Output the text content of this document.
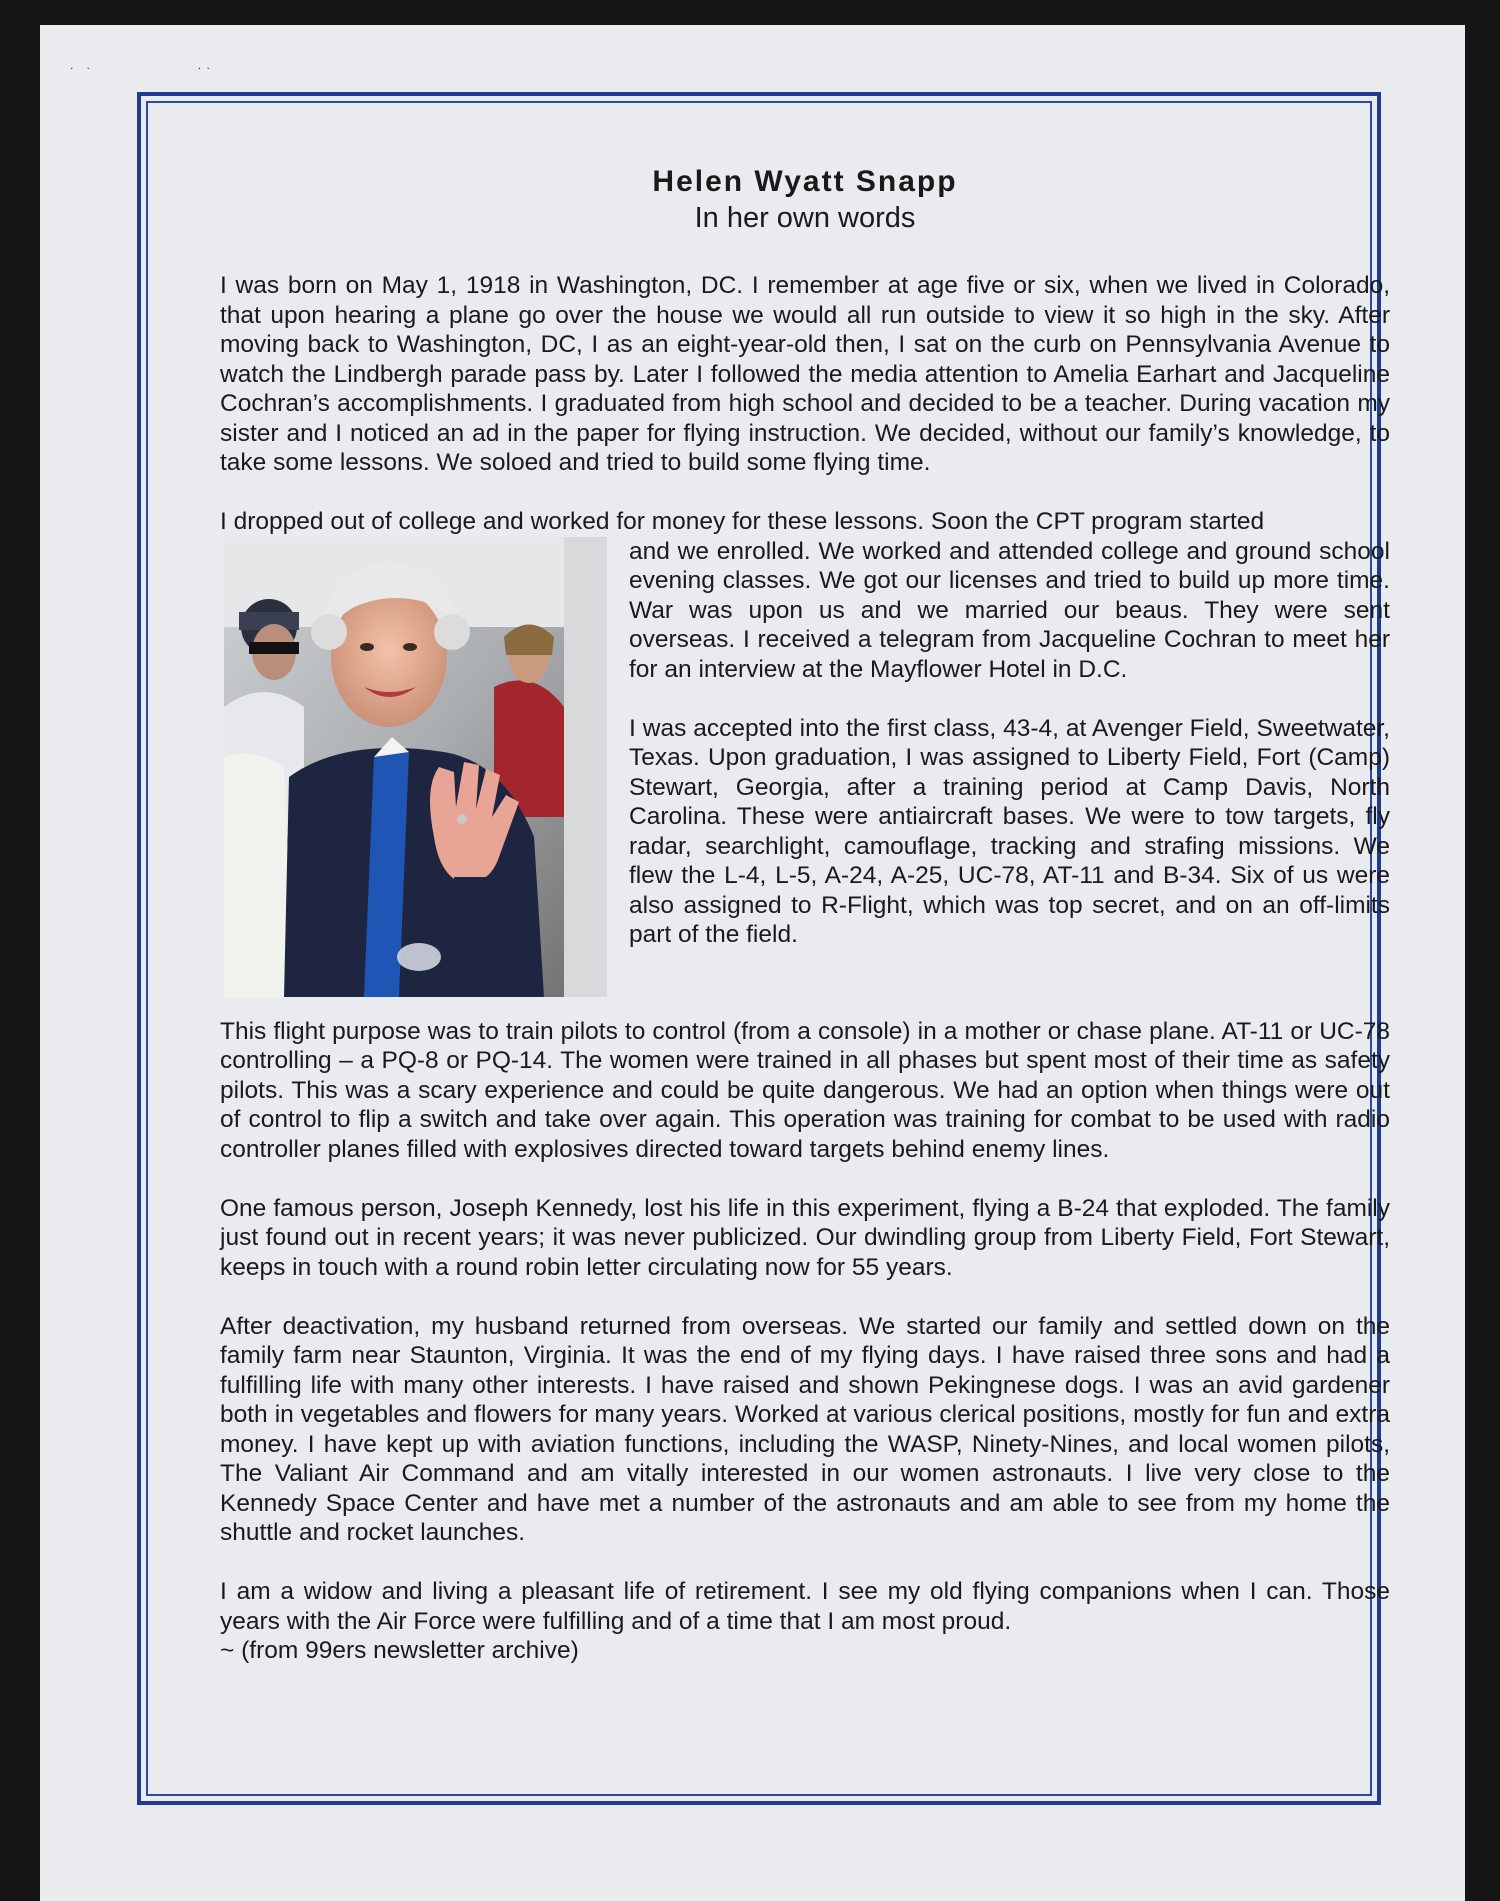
˙ ˙             ˙˙
Helen Wyatt Snapp
In her own words

I was born on May 1, 1918 in Washington, DC. I remember at age five or six, when we lived in Colorado, that upon hearing a plane go over the house we would all run outside to view it so high in the sky. After moving back to Washington, DC, I as an eight-year-old then, I sat on the curb on Pennsylvania Avenue to watch the Lindbergh parade pass by. Later I followed the media attention to Amelia Earhart and Jacqueline Cochran’s accomplishments. I graduated from high school and decided to be a teacher. During vacation my sister and I noticed an ad in the paper for flying instruction. We decided, without our family’s knowledge, to take some lessons. We soloed and tried to build some flying time.

I dropped out of college and worked for money for these lessons. Soon the CPT program started

and we enrolled. We worked and attended college and ground school evening classes. We got our licenses and tried to build up more time. War was upon us and we married our beaus. They were sent overseas. I received a telegram from Jacqueline Cochran to meet her for an interview at the Mayflower Hotel in D.C.

I was accepted into the first class, 43-4, at Avenger Field, Sweetwater, Texas. Upon graduation, I was assigned to Liberty Field, Fort (Camp) Stewart, Georgia, after a training period at Camp Davis, North Carolina. These were antiaircraft bases. We were to tow targets, fly radar, searchlight, camouflage, tracking and strafing missions. We flew the L-4, L-5, A-24, A-25, UC-78, AT-11 and B-34. Six of us were also assigned to R-Flight, which was top secret, and on an off-limits part of the field.

This flight purpose was to train pilots to control (from a console) in a mother or chase plane. AT-11 or UC-78 controlling – a PQ-8 or PQ-14. The women were trained in all phases but spent most of their time as safety pilots. This was a scary experience and could be quite dangerous. We had an option when things were out of control to flip a switch and take over again. This operation was training for combat to be used with radio controller planes filled with explosives directed toward targets behind enemy lines.

One famous person, Joseph Kennedy, lost his life in this experiment, flying a B-24 that exploded. The family just found out in recent years; it was never publicized. Our dwindling group from Liberty Field, Fort Stewart, keeps in touch with a round robin letter circulating now for 55 years.

After deactivation, my husband returned from overseas. We started our family and settled down on the family farm near Staunton, Virginia. It was the end of my flying days. I have raised three sons and had a fulfilling life with many other interests. I have raised and shown Pekingnese dogs. I was an avid gardener both in vegetables and flowers for many years. Worked at various clerical positions, mostly for fun and extra money. I have kept up with aviation functions, including the WASP, Ninety-Nines, and local women pilots, The Valiant Air Command and am vitally interested in our women astronauts. I live very close to the Kennedy Space Center and have met a number of the astronauts and am able to see from my home the shuttle and rocket launches.

I am a widow and living a pleasant life of retirement. I see my old flying companions when I can. Those years with the Air Force were fulfilling and of a time that I am most proud.

~ (from 99ers newsletter archive)
